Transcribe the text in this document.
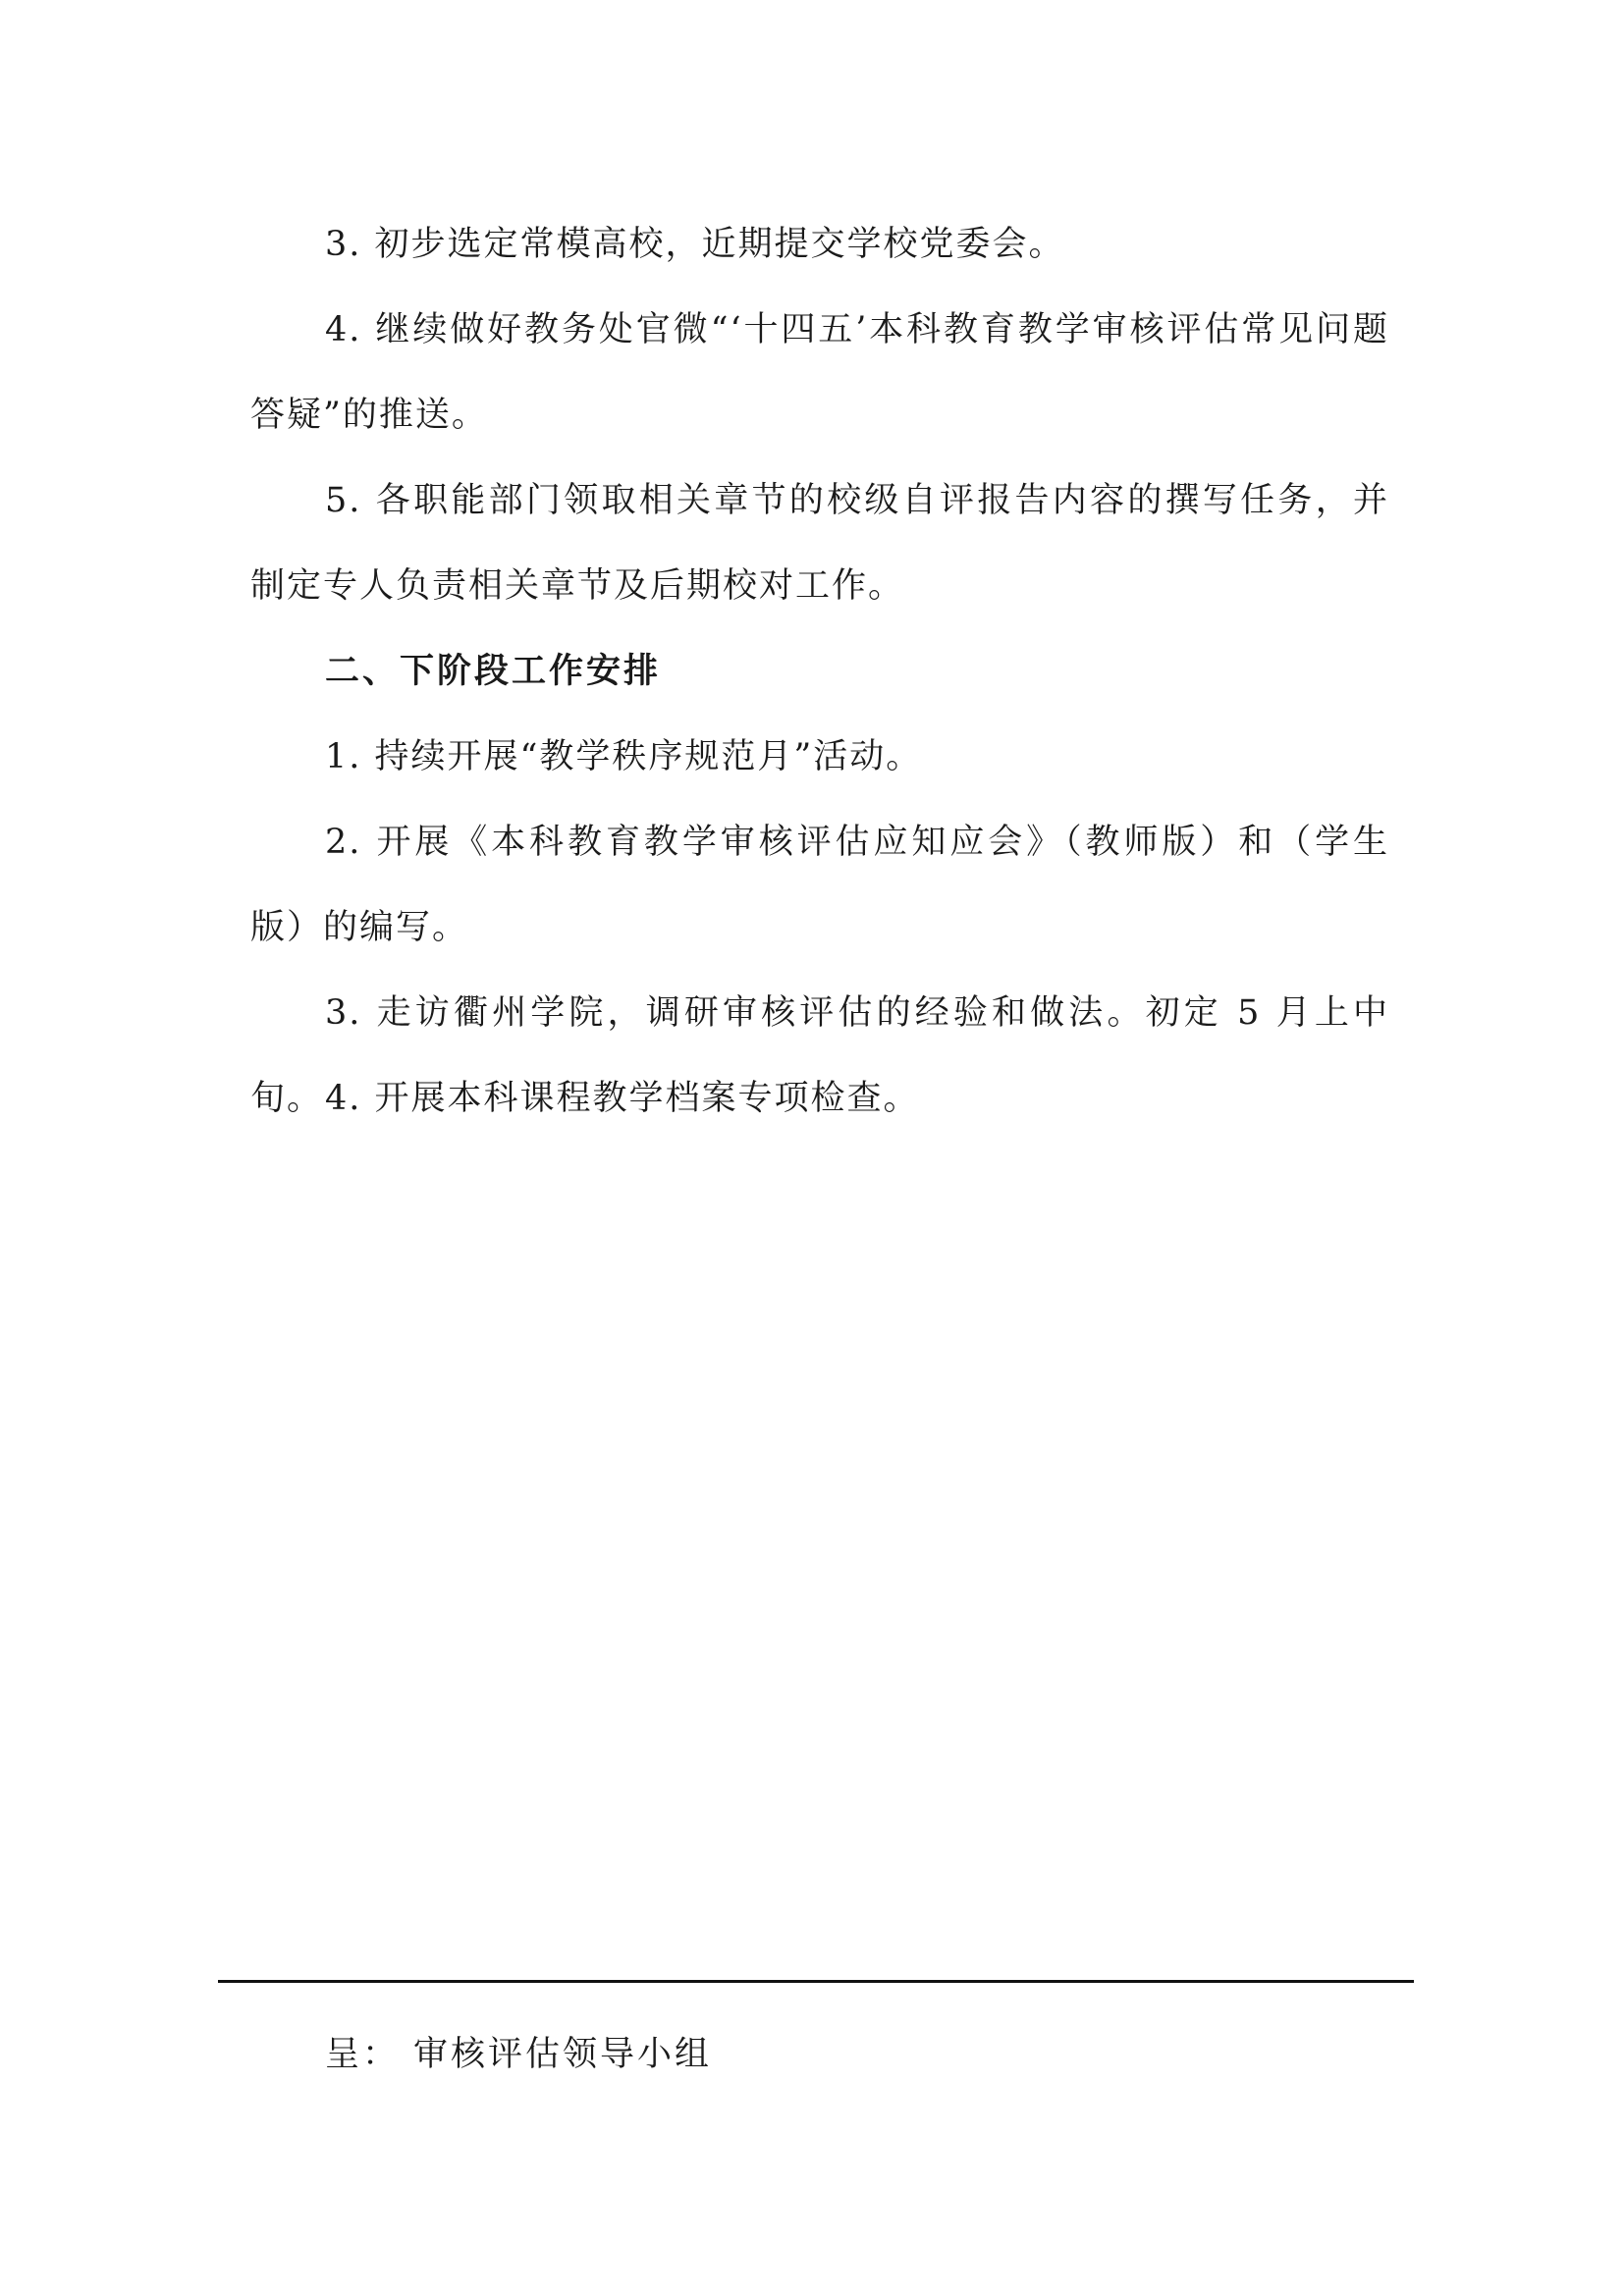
3. 初步选定常模高校，近期提交学校党委会。

4. 继续做好教务处官微“‘十四五’本科教育教学审核评估常见问题答疑”的推送。

5. 各职能部门领取相关章节的校级自评报告内容的撰写任务，并制定专人负责相关章节及后期校对工作。

二、下阶段工作安排

1. 持续开展“教学秩序规范月”活动。

2. 开展《本科教育教学审核评估应知应会》（教师版）和（学生版）的编写。

3. 走访衢州学院，调研审核评估的经验和做法。初定 5 月上中旬。 4. 开展本科课程教学档案专项检查。

呈： 审核评估领导小组
